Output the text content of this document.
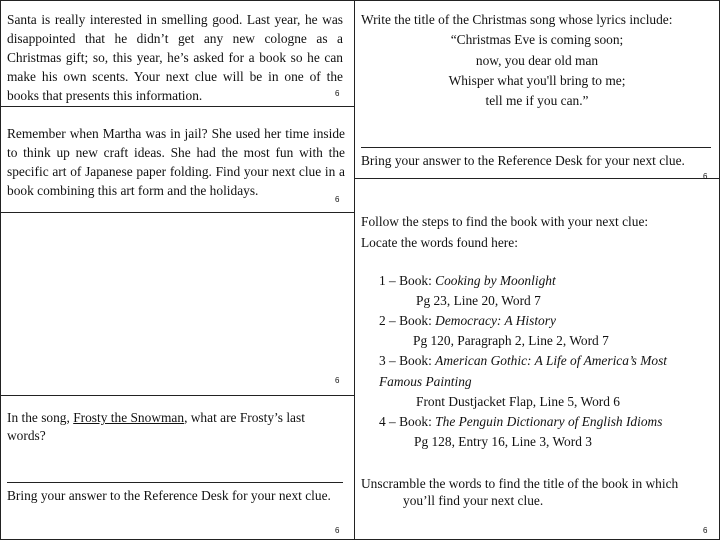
Santa is really interested in smelling good. Last year, he was disappointed that he didn’t get any new cologne as a Christmas gift; so, this year, he’s asked for a book so he can make his own scents. Your next clue will be in one of the books that presents this information.	6
Remember when Martha was in jail? She used her time inside to think up new craft ideas. She had the most fun with the specific art of Japanese paper folding. Find your next clue in a book combining this art form and the holidays.
6
6
In the song, Frosty the Snowman, what are Frosty’s last words?
Bring your answer to the Reference Desk for your next clue.
6
Write the title of the Christmas song whose lyrics include:
“Christmas Eve is coming soon;
now, you dear old man
Whisper what you'll bring to me;
tell me if you can.”
Bring your answer to the Reference Desk for your next clue.
6
Follow the steps to find the book with your next clue:
Locate the words found here:
1 – Book: Cooking by Moonlight
Pg 23, Line 20, Word 7
2 – Book: Democracy: A History
Pg 120, Paragraph 2, Line 2, Word 7
3 – Book: American Gothic: A Life of America’s Most
Famous Painting
Front Dustjacket Flap, Line 5, Word 6
4 – Book: The Penguin Dictionary of English Idioms
Pg 128, Entry 16, Line 3, Word 3
Unscramble the words to find the title of the book in which
you’ll find your next clue.
6
